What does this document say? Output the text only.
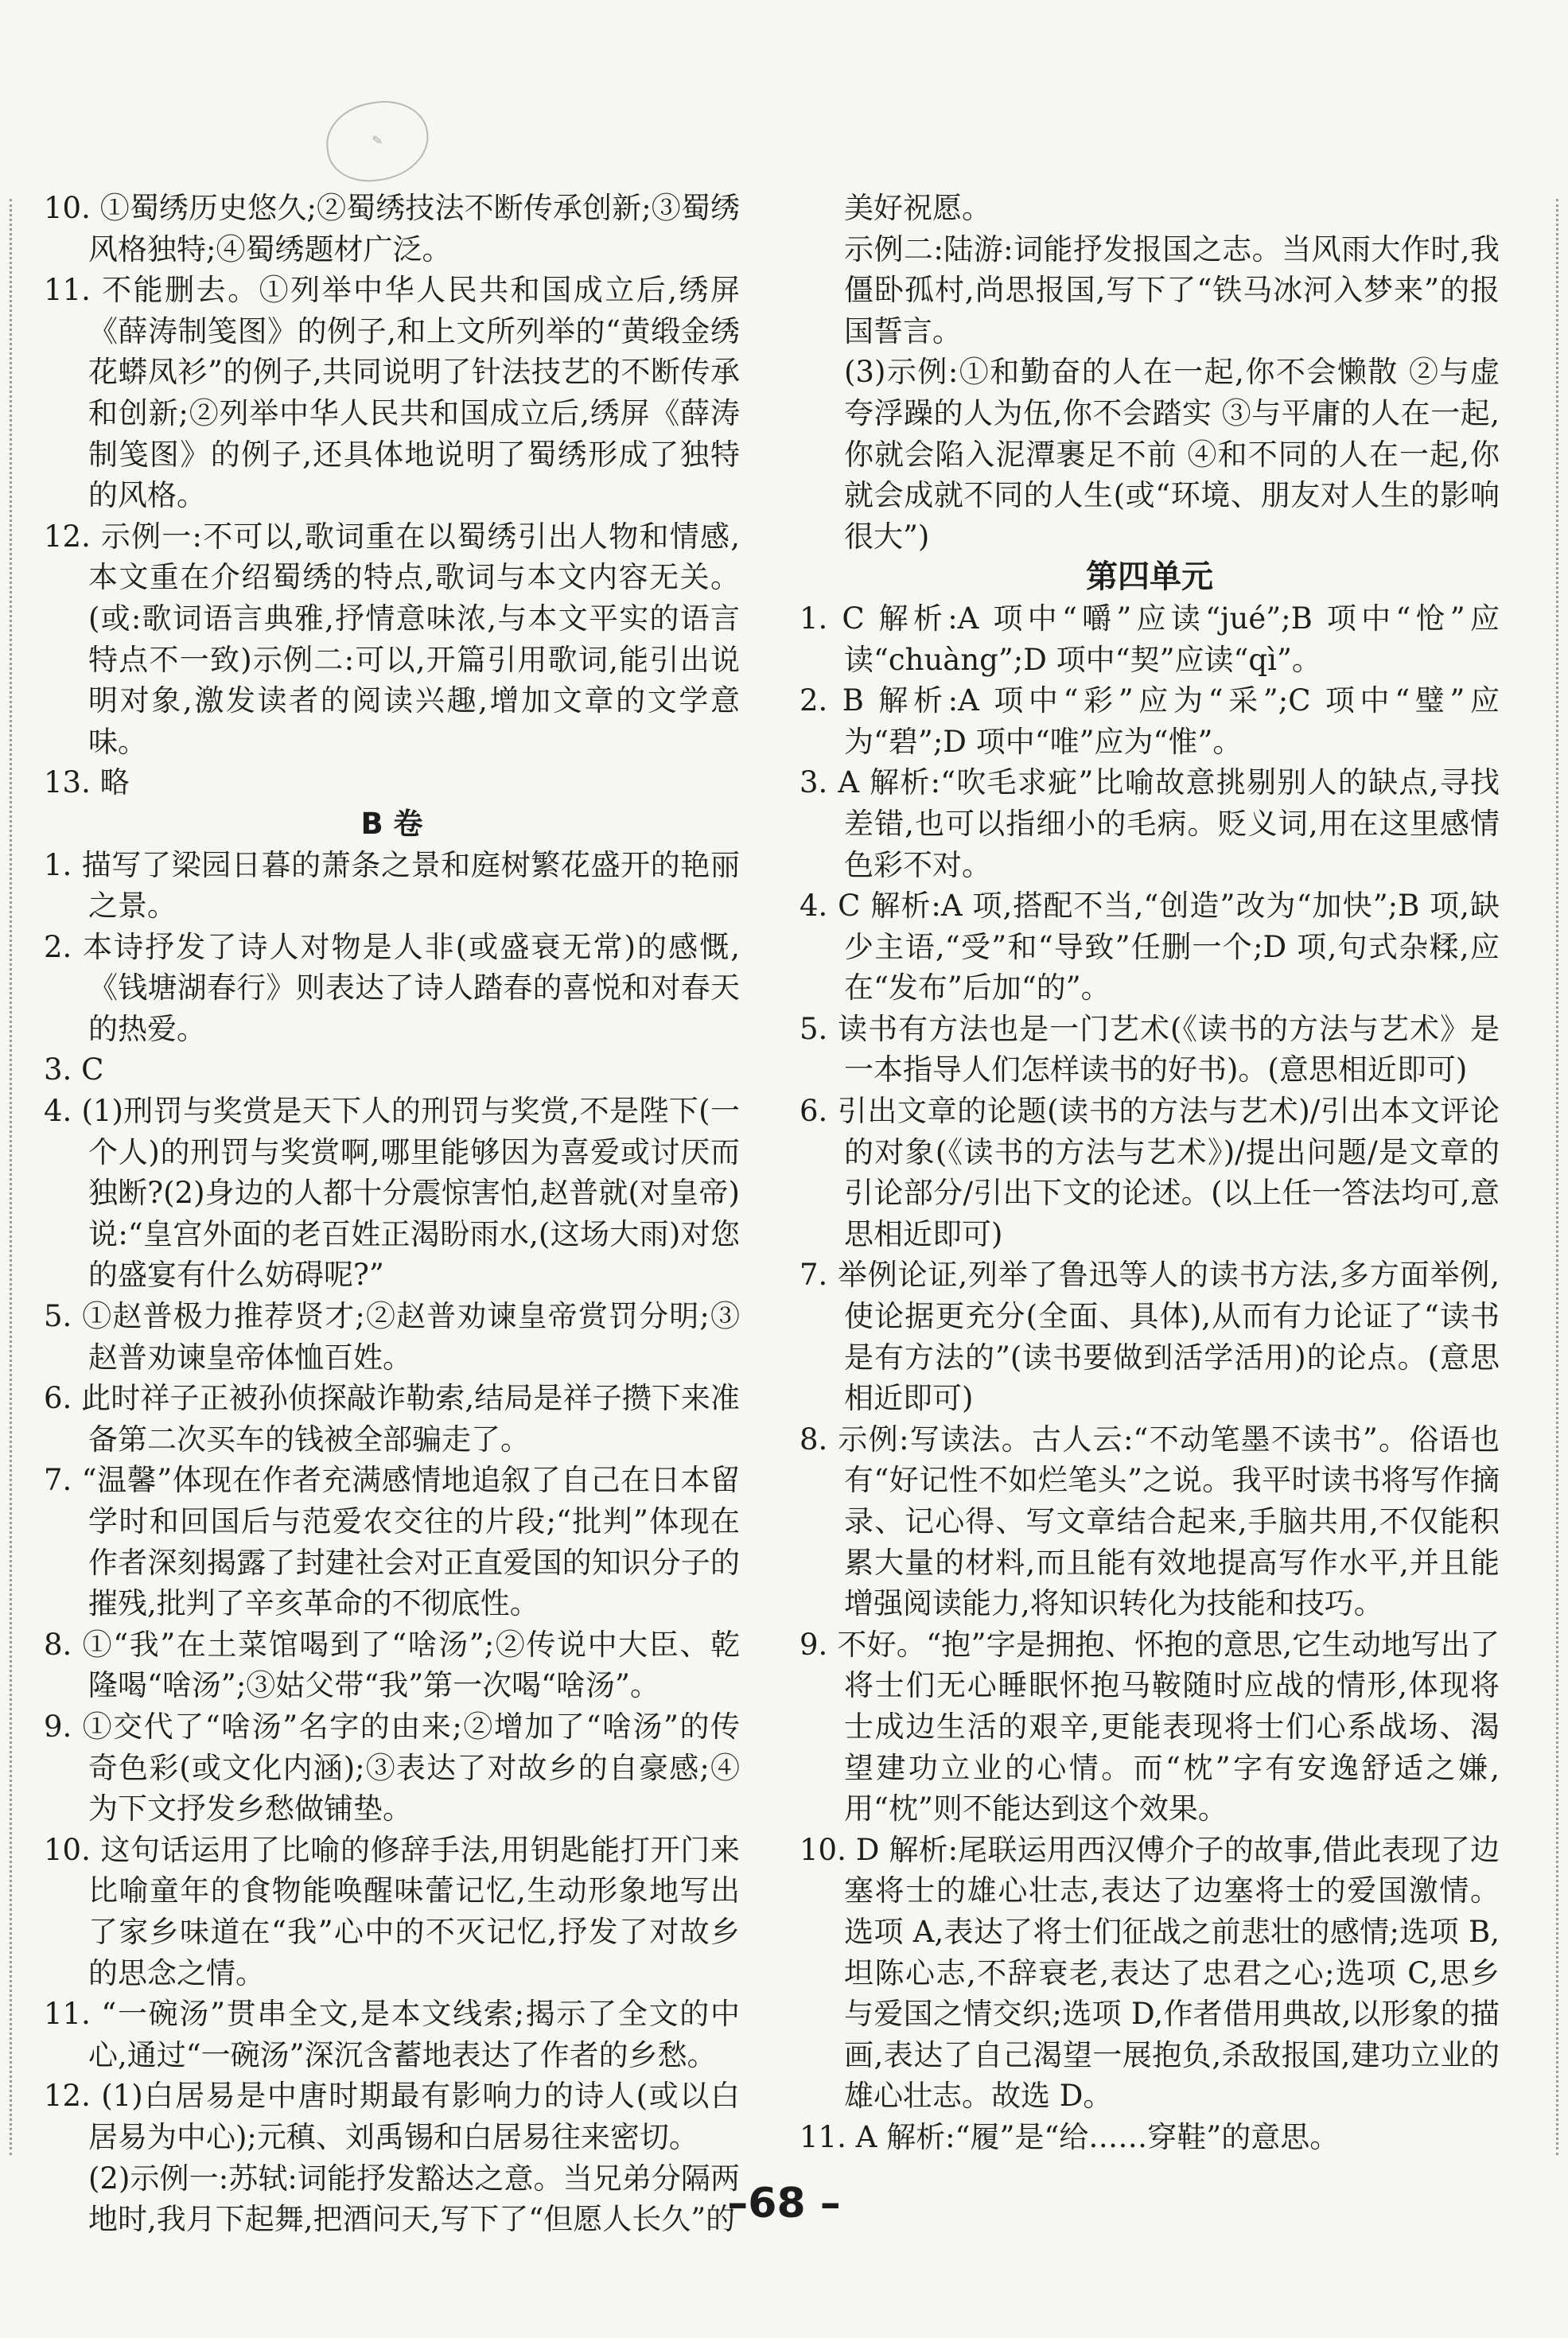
✎

10. ①蜀绣历史悠久;②蜀绣技法不断传承创新;③蜀绣风格独特;④蜀绣题材广泛。

11. 不能删去。①列举中华人民共和国成立后,绣屏《薛涛制笺图》的例子,和上文所列举的“黄缎金绣花蟒凤衫”的例子,共同说明了针法技艺的不断传承和创新;②列举中华人民共和国成立后,绣屏《薛涛制笺图》的例子,还具体地说明了蜀绣形成了独特的风格。

12. 示例一:不可以,歌词重在以蜀绣引出人物和情感,本文重在介绍蜀绣的特点,歌词与本文内容无关。(或:歌词语言典雅,抒情意味浓,与本文平实的语言特点不一致)示例二:可以,开篇引用歌词,能引出说明对象,激发读者的阅读兴趣,增加文章的文学意味。

13. 略

B 卷

1. 描写了梁园日暮的萧条之景和庭树繁花盛开的艳丽之景。

2. 本诗抒发了诗人对物是人非(或盛衰无常)的感慨,《钱塘湖春行》则表达了诗人踏春的喜悦和对春天的热爱。

3. C

4. (1)刑罚与奖赏是天下人的刑罚与奖赏,不是陛下(一个人)的刑罚与奖赏啊,哪里能够因为喜爱或讨厌而独断?(2)身边的人都十分震惊害怕,赵普就(对皇帝)说:“皇宫外面的老百姓正渴盼雨水,(这场大雨)对您的盛宴有什么妨碍呢?”

5. ①赵普极力推荐贤才;②赵普劝谏皇帝赏罚分明;③赵普劝谏皇帝体恤百姓。

6. 此时祥子正被孙侦探敲诈勒索,结局是祥子攒下来准备第二次买车的钱被全部骗走了。

7. “温馨”体现在作者充满感情地追叙了自己在日本留学时和回国后与范爱农交往的片段;“批判”体现在作者深刻揭露了封建社会对正直爱国的知识分子的摧残,批判了辛亥革命的不彻底性。

8. ①“我”在土菜馆喝到了“啥汤”;②传说中大臣、乾隆喝“啥汤”;③姑父带“我”第一次喝“啥汤”。

9. ①交代了“啥汤”名字的由来;②增加了“啥汤”的传奇色彩(或文化内涵);③表达了对故乡的自豪感;④为下文抒发乡愁做铺垫。

10. 这句话运用了比喻的修辞手法,用钥匙能打开门来比喻童年的食物能唤醒味蕾记忆,生动形象地写出了家乡味道在“我”心中的不灭记忆,抒发了对故乡的思念之情。

11. “一碗汤”贯串全文,是本文线索;揭示了全文的中心,通过“一碗汤”深沉含蓄地表达了作者的乡愁。

12. (1)白居易是中唐时期最有影响力的诗人(或以白居易为中心);元稹、刘禹锡和白居易往来密切。

(2)示例一:苏轼:词能抒发豁达之意。当兄弟分隔两地时,我月下起舞,把酒问天,写下了“但愿人长久”的

美好祝愿。

示例二:陆游:词能抒发报国之志。当风雨大作时,我僵卧孤村,尚思报国,写下了“铁马冰河入梦来”的报国誓言。

(3)示例:①和勤奋的人在一起,你不会懒散 ②与虚夸浮躁的人为伍,你不会踏实 ③与平庸的人在一起,你就会陷入泥潭裹足不前 ④和不同的人在一起,你就会成就不同的人生(或“环境、朋友对人生的影响很大”)

第四单元

1. C 解析:A 项中“嚼”应读“jué”;B 项中“怆”应读“chuàng”;D 项中“契”应读“qì”。

2. B 解析:A 项中“彩”应为“采”;C 项中“璧”应为“碧”;D 项中“唯”应为“惟”。

3. A 解析:“吹毛求疵”比喻故意挑剔别人的缺点,寻找差错,也可以指细小的毛病。贬义词,用在这里感情色彩不对。

4. C 解析:A 项,搭配不当,“创造”改为“加快”;B 项,缺少主语,“受”和“导致”任删一个;D 项,句式杂糅,应在“发布”后加“的”。

5. 读书有方法也是一门艺术(《读书的方法与艺术》是一本指导人们怎样读书的好书)。(意思相近即可)

6. 引出文章的论题(读书的方法与艺术)/引出本文评论的对象(《读书的方法与艺术》)/提出问题/是文章的引论部分/引出下文的论述。(以上任一答法均可,意思相近即可)

7. 举例论证,列举了鲁迅等人的读书方法,多方面举例,使论据更充分(全面、具体),从而有力论证了“读书是有方法的”(读书要做到活学活用)的论点。(意思相近即可)

8. 示例:写读法。古人云:“不动笔墨不读书”。俗语也有“好记性不如烂笔头”之说。我平时读书将写作摘录、记心得、写文章结合起来,手脑共用,不仅能积累大量的材料,而且能有效地提高写作水平,并且能增强阅读能力,将知识转化为技能和技巧。

9. 不好。“抱”字是拥抱、怀抱的意思,它生动地写出了将士们无心睡眠怀抱马鞍随时应战的情形,体现将士成边生活的艰辛,更能表现将士们心系战场、渴望建功立业的心情。而“枕”字有安逸舒适之嫌,用“枕”则不能达到这个效果。

10. D 解析:尾联运用西汉傅介子的故事,借此表现了边塞将士的雄心壮志,表达了边塞将士的爱国激情。选项 A,表达了将士们征战之前悲壮的感情;选项 B,坦陈心志,不辞衰老,表达了忠君之心;选项 C,思乡与爱国之情交织;选项 D,作者借用典故,以形象的描画,表达了自己渴望一展抱负,杀敌报国,建功立业的雄心壮志。故选 D。

11. A 解析:“履”是“给……穿鞋”的意思。

–68 –
